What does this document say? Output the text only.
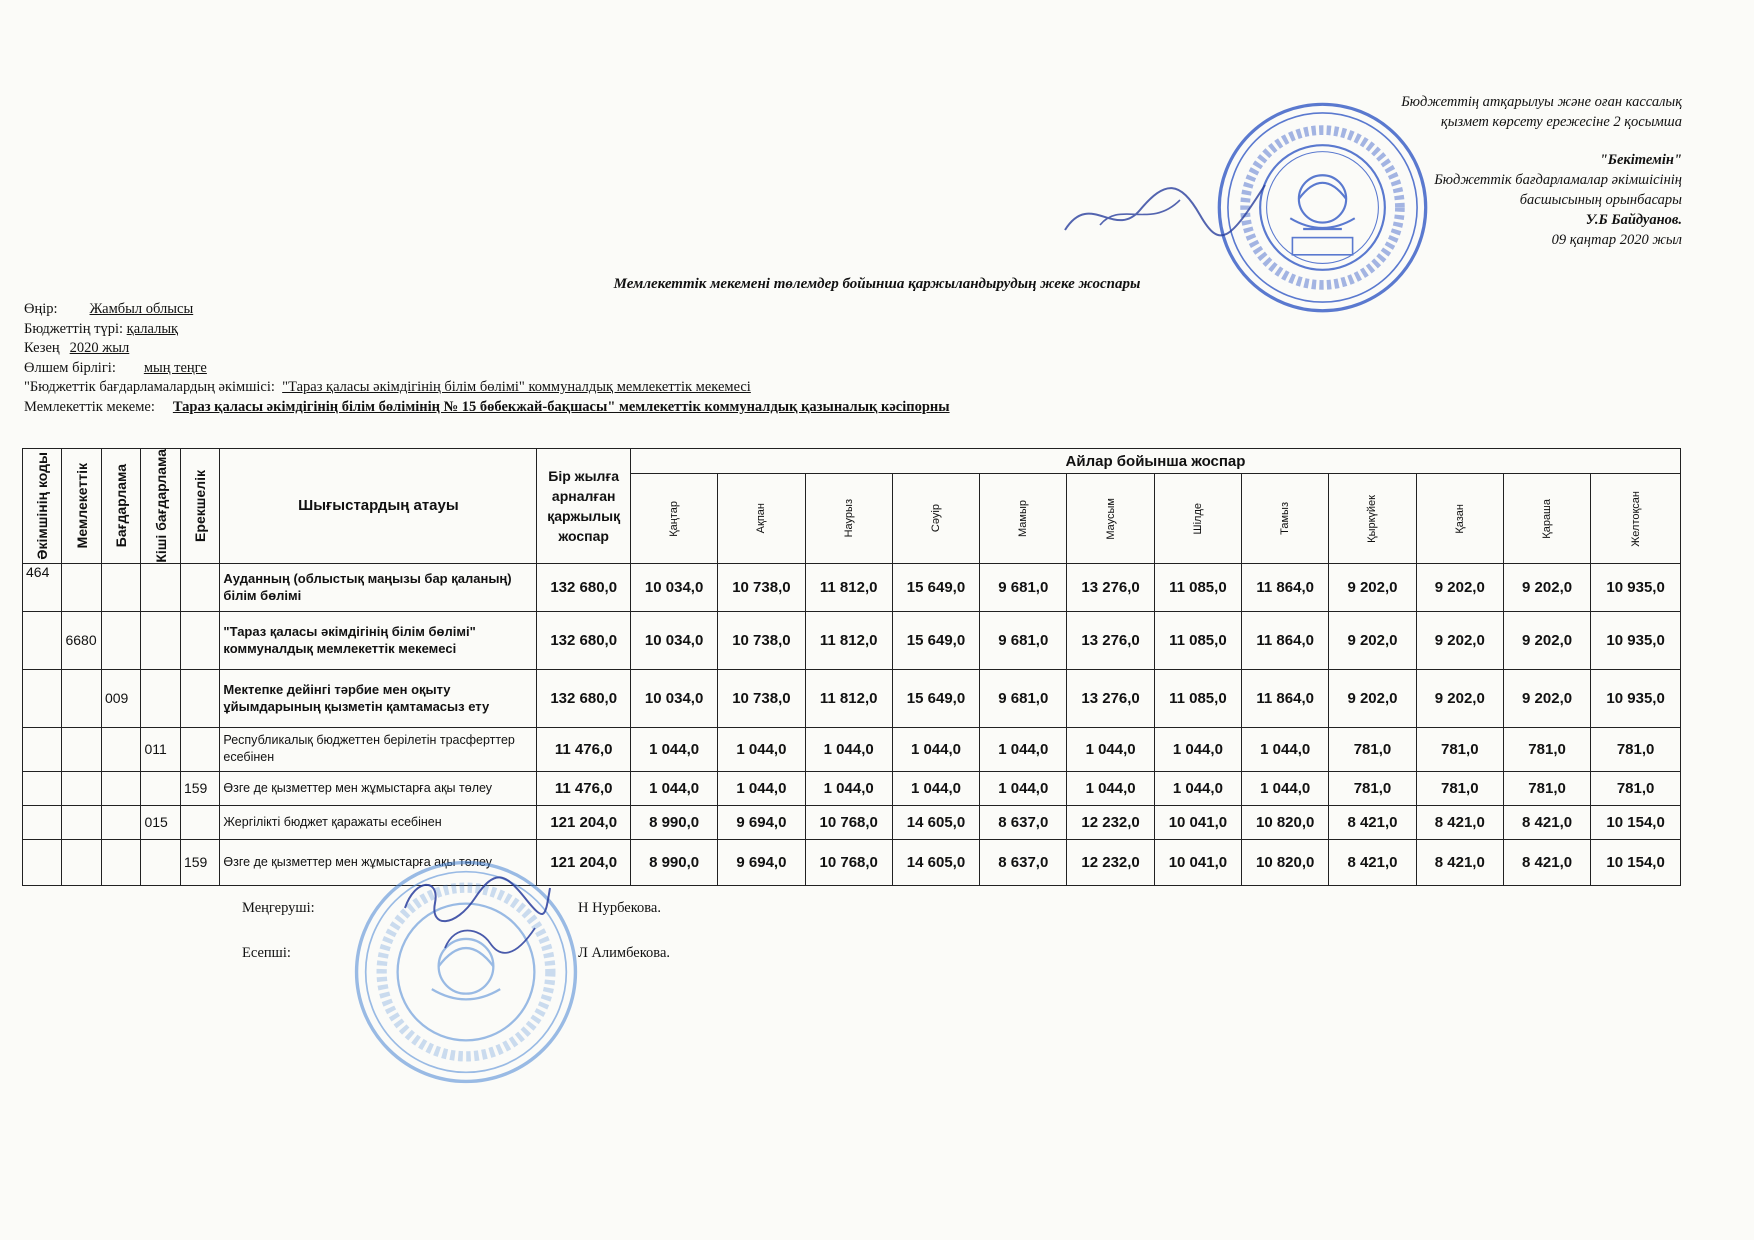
Бюджеттің атқарылуы және оған кассалық
қызмет көрсету ережесіне 2 қосымша
"Бекітемін"
Бюджеттік бағдарламалар әкімшісінің
басшысының орынбасары
У.Б Байдуанов.
09 қаңтар 2020 жыл
Мемлекеттік мекемені төлемдер бойынша қаржыландырудың жеке жоспары
Өңір: Жамбыл облысы
Бюджеттің түрі: қалалық
Кезең 2020 жыл
Өлшем бірлігі: мың теңге
"Бюджеттік бағдарламалардың әкімшісі: "Тараз қаласы әкімдігінің білім бөлімі" коммуналдық мемлекеттік мекемесі
Мемлекеттік мекеме: Тараз қаласы әкімдігінің білім бөлімінің № 15 бөбекжай-бақшасы" мемлекеттік коммуналдық қазыналық кәсіпорны
Әкімшінің коды	Мемлекеттік	Бағдарлама	Кіші бағдарлама	Ерекшелік	Шығыстардың атауы	Бір жылға арналған қаржылық жоспар	Айлар бойынша жоспар											

							Қаңтар	Ақпан	Наурыз	Сәуір	Мамыр	Маусым	Шілде	Тамыз	Қыркүйек	Қазан	Қараша	Желтоқсан

464					Ауданның (облыстық маңызы бар қаланың) білім бөлімі	132 680,0	10 034,0	10 738,0	11 812,0	15 649,0	9 681,0	13 276,0	11 085,0	11 864,0	9 202,0	9 202,0	9 202,0	10 935,0
	6680				"Тараз қаласы әкімдігінің білім бөлімі" коммуналдық мемлекеттік мекемесі	132 680,0	10 034,0	10 738,0	11 812,0	15 649,0	9 681,0	13 276,0	11 085,0	11 864,0	9 202,0	9 202,0	9 202,0	10 935,0
		009			Мектепке дейінгі тәрбие мен оқыту ұйымдарының қызметін қамтамасыз ету	132 680,0	10 034,0	10 738,0	11 812,0	15 649,0	9 681,0	13 276,0	11 085,0	11 864,0	9 202,0	9 202,0	9 202,0	10 935,0
			011		Республикалық бюджеттен берілетін трасферттер есебінен	11 476,0	1 044,0	1 044,0	1 044,0	1 044,0	1 044,0	1 044,0	1 044,0	1 044,0	781,0	781,0	781,0	781,0
				159	Өзге де қызметтер мен жұмыстарға ақы төлеу	11 476,0	1 044,0	1 044,0	1 044,0	1 044,0	1 044,0	1 044,0	1 044,0	1 044,0	781,0	781,0	781,0	781,0
			015		Жергілікті бюджет қаражаты есебінен	121 204,0	8 990,0	9 694,0	10 768,0	14 605,0	8 637,0	12 232,0	10 041,0	10 820,0	8 421,0	8 421,0	8 421,0	10 154,0
				159	Өзге де қызметтер мен жұмыстарға ақы төлеу	121 204,0	8 990,0	9 694,0	10 768,0	14 605,0	8 637,0	12 232,0	10 041,0	10 820,0	8 421,0	8 421,0	8 421,0	10 154,0
Меңгеруші:	Н Нурбекова.
Есепші:	Л Алимбекова.
